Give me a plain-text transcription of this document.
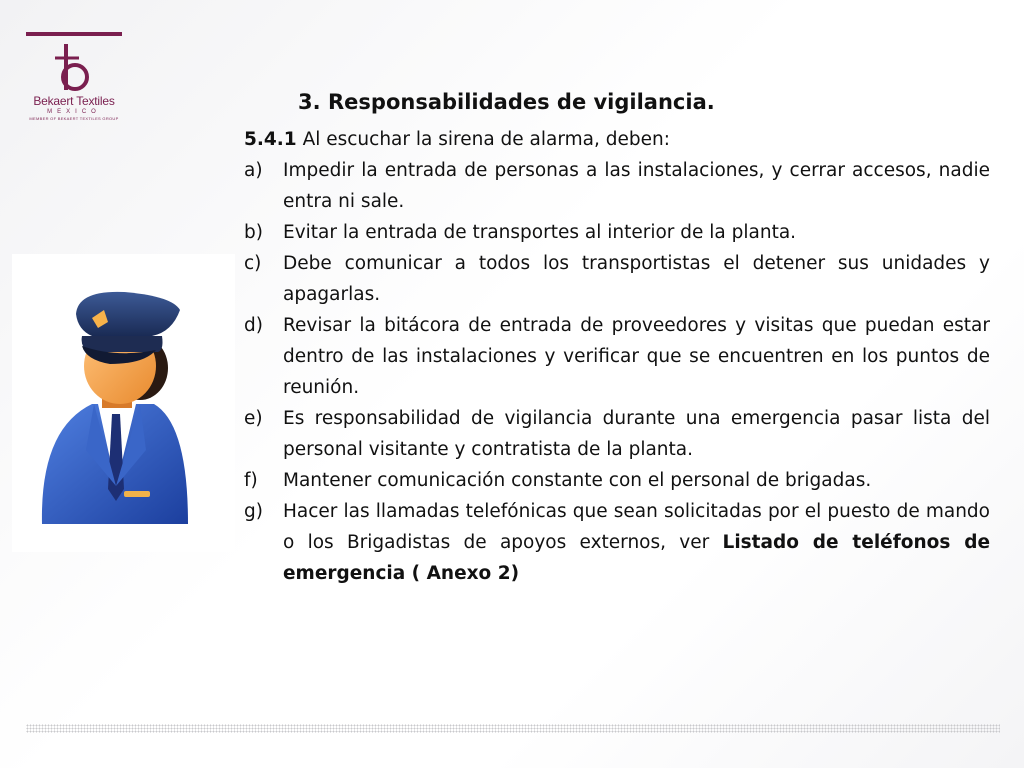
Bekaert Textiles
MEXICO
MEMBER OF BEKAERT TEXTILES GROUP
3. Responsabilidades de vigilancia.
5.4.1 Al escuchar la sirena de alarma, deben:
a)	Impedir la entrada de personas a las instalaciones, y cerrar accesos, nadie entra ni sale.
b)	Evitar la entrada de transportes al interior de la planta.
c)	Debe comunicar a todos los transportistas el detener sus unidades y apagarlas.
d)	Revisar la bitácora de entrada de proveedores y visitas que puedan estar dentro de las instalaciones y verificar que se encuentren en los puntos de reunión.
e)	Es responsabilidad de vigilancia durante una emergencia pasar lista del personal visitante y contratista de la planta.
f)	Mantener comunicación constante con el personal de brigadas.
g)	Hacer las llamadas telefónicas que sean solicitadas por el puesto de mando o los Brigadistas de apoyos externos, ver Listado de teléfonos de emergencia ( Anexo 2)
